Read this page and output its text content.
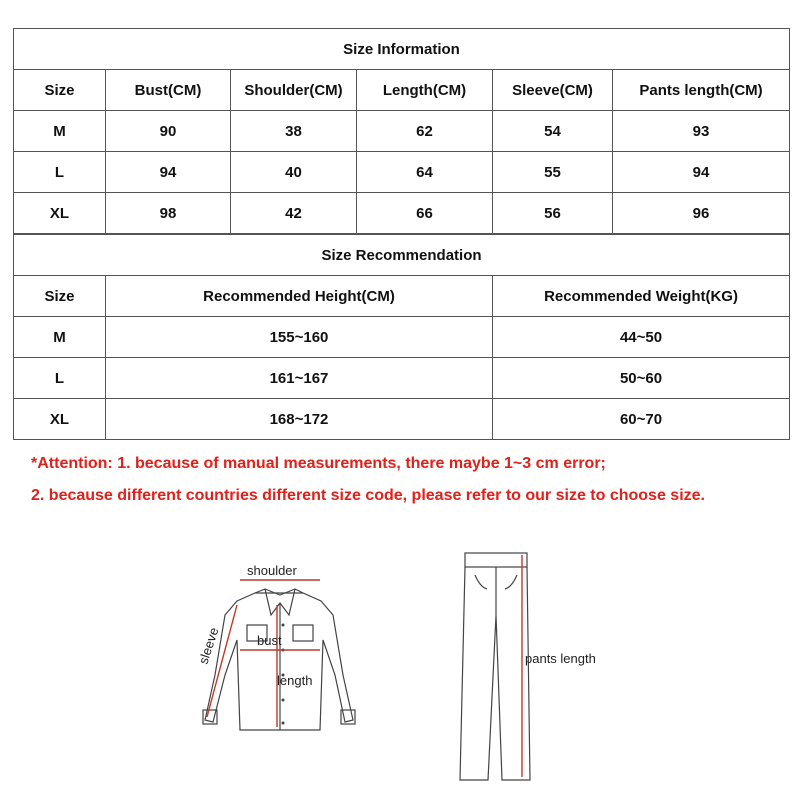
Size Information					
Size	Bust(CM)	Shoulder(CM)	Length(CM)	Sleeve(CM)	Pants length(CM)
M	90	38	62	54	93
L	94	40	64	55	94
XL	98	42	66	56	96
Size Recommendation		
Size	Recommended Height(CM)	Recommended Weight(KG)
M	155~160	44~50
L	161~167	50~60
XL	168~172	60~70
*Attention: 1. because of manual measurements, there maybe 1~3 cm error;
2. because different countries different size code, please refer to our size to choose size.
shoulder
bust
length
sleeve	pants length
